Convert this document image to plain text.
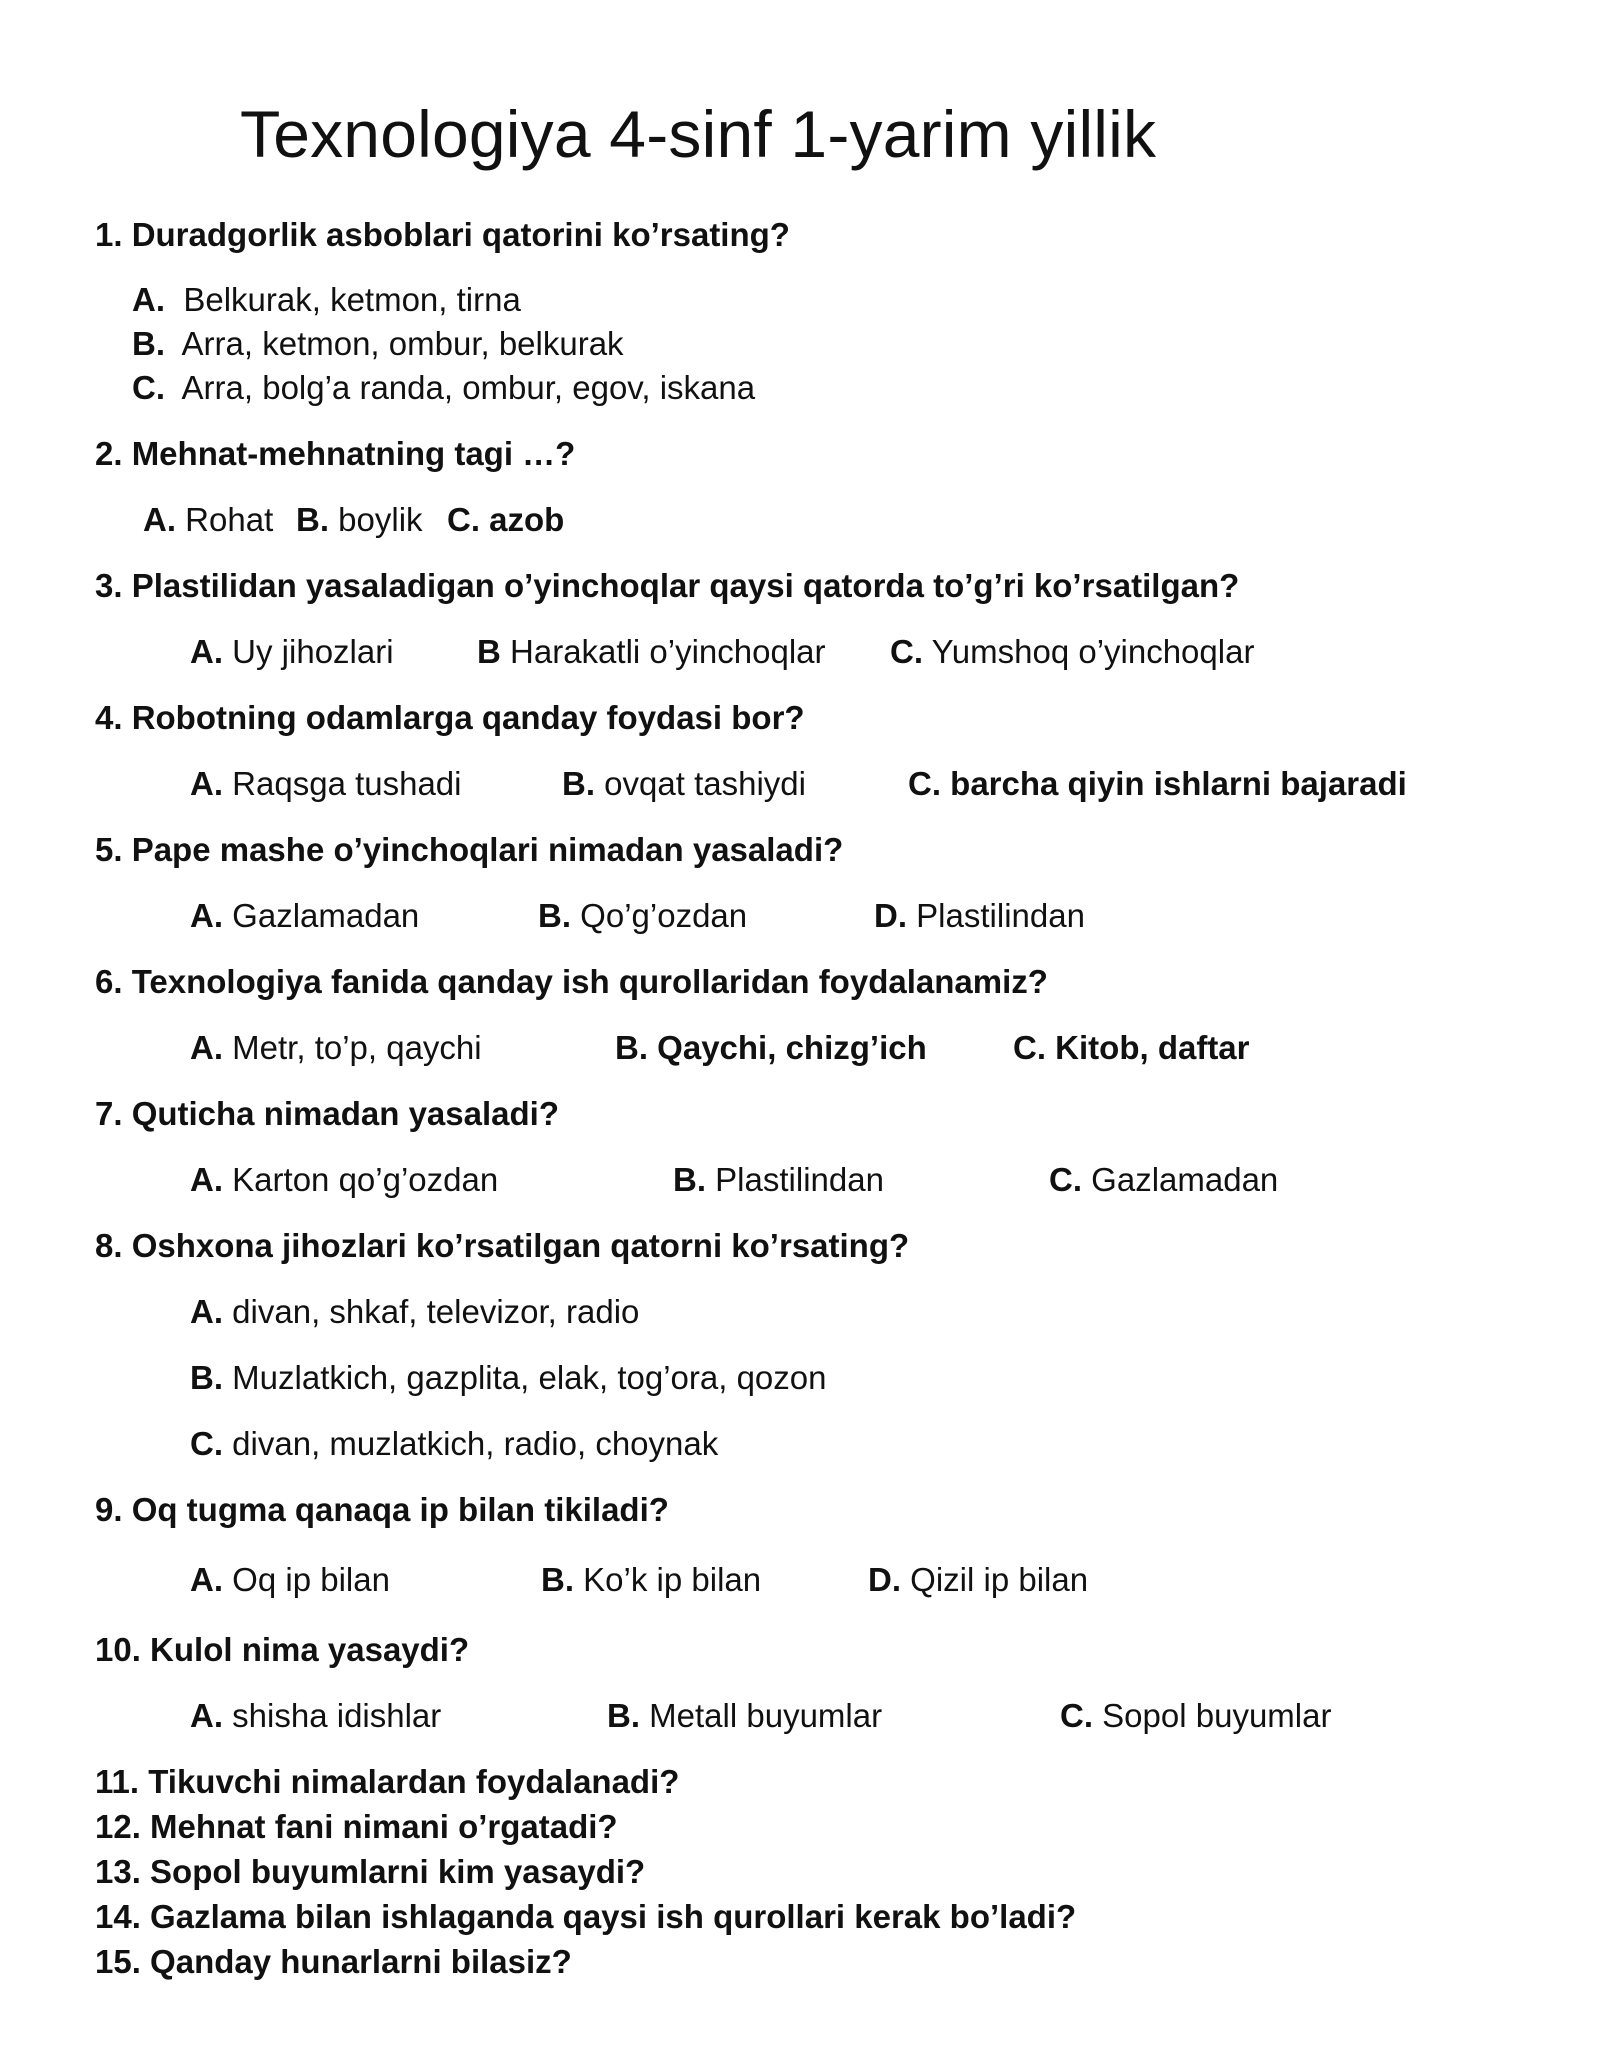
Texnologiya 4-sinf 1-yarim yillik
1. Duradgorlik asboblari qatorini ko’rsating?
A. Belkurak, ketmon, tirna
B. Arra, ketmon, ombur, belkurak
C. Arra, bolg’a randa, ombur, egov, iskana
2. Mehnat-mehnatning tagi …?
A. Rohat B. boylik C. azob
3. Plastilidan yasaladigan o’yinchoqlar qaysi qatorda to’g’ri ko’rsatilgan?
A. Uy jihozlari	B Harakatli o’yinchoqlar C. Yumshoq o’yinchoqlar
4. Robotning odamlarga qanday foydasi bor?
A. Raqsga tushadi	B. ovqat tashiydi	C. barcha qiyin ishlarni bajaradi
5. Pape mashe o’yinchoqlari nimadan yasaladi?
A. Gazlamadan	B. Qo’g’ozdan	D. Plastilindan
6. Texnologiya fanida qanday ish qurollaridan foydalanamiz?
A. Metr, to’p, qaychi	B. Qaychi, chizg’ich	C. Kitob, daftar
7. Quticha nimadan yasaladi?
A. Karton qo’g’ozdan	B. Plastilindan	C. Gazlamadan
8. Oshxona jihozlari ko’rsatilgan qatorni ko’rsating?
A. divan, shkaf, televizor, radio
B. Muzlatkich, gazplita, elak, tog’ora, qozon
C. divan, muzlatkich, radio, choynak
9. Oq tugma qanaqa ip bilan tikiladi?
A. Oq ip bilan	B. Ko’k ip bilan	D. Qizil ip bilan
10. Kulol nima yasaydi?
A. shisha idishlar	B. Metall buyumlar	C. Sopol buyumlar
11. Tikuvchi nimalardan foydalanadi?
12. Mehnat fani nimani o’rgatadi?
13. Sopol buyumlarni kim yasaydi?
14. Gazlama bilan ishlaganda qaysi ish qurollari kerak bo’ladi?
15. Qanday hunarlarni bilasiz?
